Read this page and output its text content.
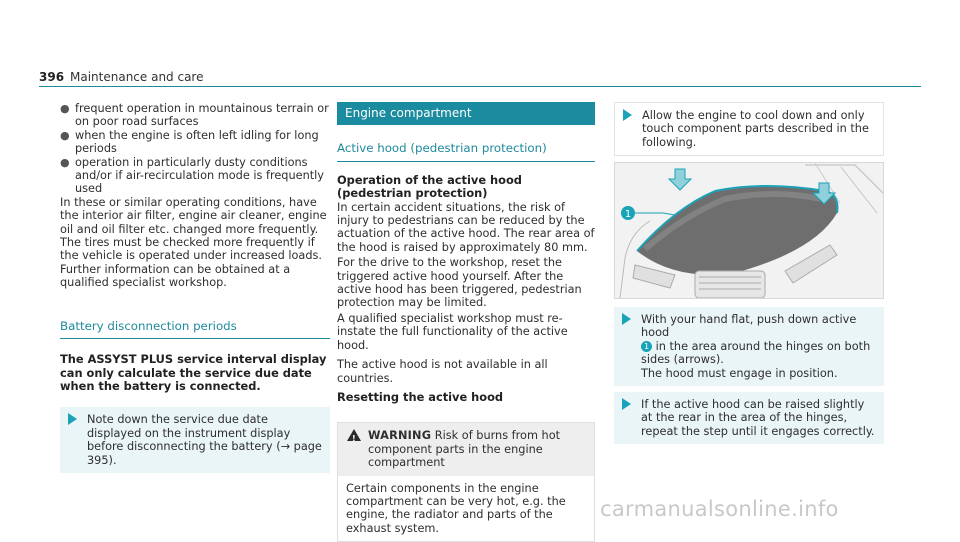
396 Maintenance and care
● frequent operation in mountainous terrain or on poor road surfaces
● when the engine is often left idling for long periods
● operation in particularly dusty conditions and/or if air-recirculation mode is frequently used

In these or similar operating conditions, have the interior air filter, engine air cleaner, engine oil and oil filter etc. changed more frequently. The tires must be checked more frequently if the vehicle is operated under increased loads. Further information can be obtained at a qualified specialist workshop.

Battery disconnection periods
The ASSYST PLUS service interval display can only calculate the service due date when the battery is connected.
Note down the service due date displayed on the instrument display before disconnecting the battery (→ page 395).
Engine compartment
Active hood (pedestrian protection)
Operation of the active hood (pedestrian protection)

In certain accident situations, the risk of injury to pedestrians can be reduced by the actuation of the active hood. The rear area of the hood is raised by approximately 80 mm.

For the drive to the workshop, reset the triggered active hood yourself. After the active hood has been triggered, pedestrian protection may be limited.

A qualified specialist workshop must re-instate the full functionality of the active hood.

The active hood is not available in all countries.

Resetting the active hood
! WARNING Risk of burns from hot component parts in the engine compartment
Certain components in the engine compartment can be very hot, e.g. the engine, the radiator and parts of the exhaust system.
Allow the engine to cool down and only touch component parts described in the following.
1
With your hand flat, push down active hood
1 in the area around the hinges on both sides (arrows).
The hood must engage in position.
If the active hood can be raised slightly at the rear in the area of the hinges, repeat the step until it engages correctly.
carmanualsonline.info
